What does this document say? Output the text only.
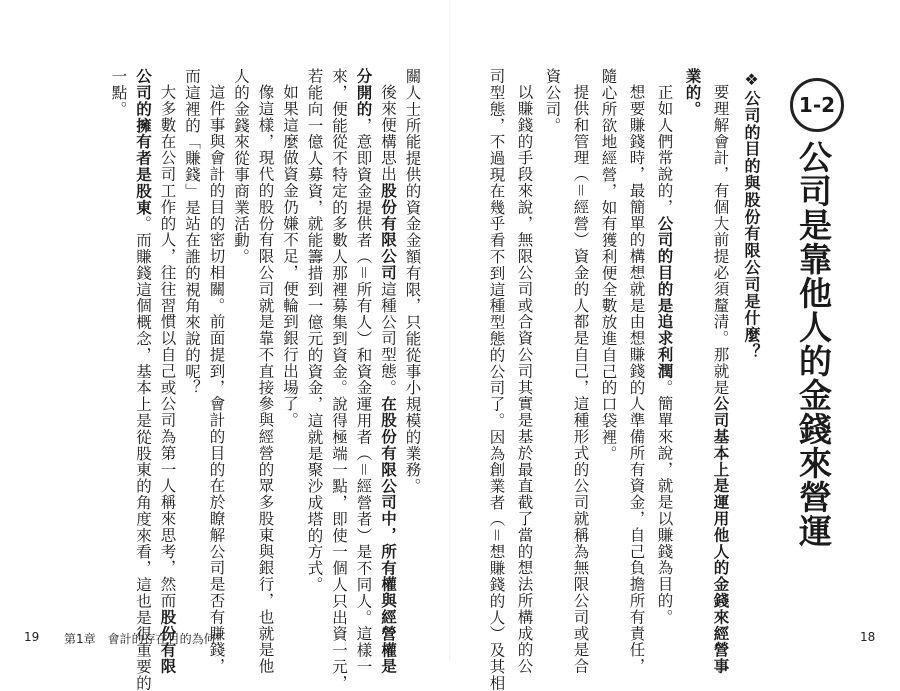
1-2
公司是靠他人的金錢來營運
❖公司的目的與股份有限公司是什麼？
要理解會計，有個大前提必須釐清。那就是公司基本上是運用他人的金錢來經營事
業的。
正如人們常說的，公司的目的是追求利潤。簡單來說，就是以賺錢為目的。
想要賺錢時，最簡單的構想就是由想賺錢的人準備所有資金，自己負擔所有責任，
隨心所欲地經營，如有獲利便全數放進自己的口袋裡。
提供和管理（＝經營）資金的人都是自己，這種形式的公司就稱為無限公司或是合
資公司。
以賺錢的手段來說，無限公司或合資公司其實是基於最直截了當的想法所構成的公
司型態，不過現在幾乎看不到這種型態的公司了。因為創業者（＝想賺錢的人）及其相
關人士所能提供的資金金額有限，只能從事小規模的業務。
後來便構思出股份有限公司這種公司型態。在股份有限公司中，所有權與經營權是
分開的，意即資金提供者（＝所有人）和資金運用者（＝經營者）是不同人。這樣一
來，便能從不特定的多數人那裡募集到資金。說得極端一點，即使一個人只出資一元，
若能向一億人募資，就能籌措到一億元的資金，這就是聚沙成塔的方式。
如果這麼做資金仍嫌不足，便輪到銀行出場了。
像這樣，現代的股份有限公司就是靠不直接參與經營的眾多股東與銀行，也就是他
人的金錢來從事商業活動。
這件事與會計的目的密切相關。前面提到，會計的目的在於瞭解公司是否有賺錢，
而這裡的「賺錢」是站在誰的視角來說的呢？
大多數在公司工作的人，往往習慣以自己或公司為第一人稱來思考，然而股份有限
公司的擁有者是股東。而賺錢這個概念，基本上是從股東的角度來看，這也是很重要的
一點。
19 第1章　會計的存在目的為何？	18
